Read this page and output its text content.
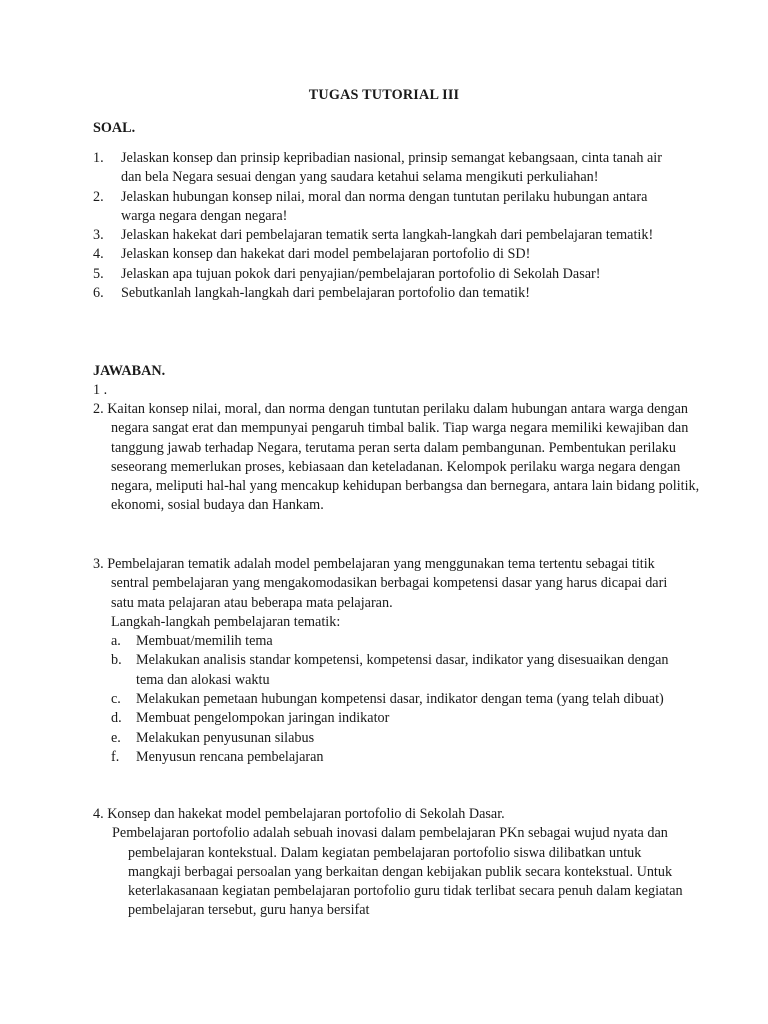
TUGAS TUTORIAL III
SOAL.
1. Jelaskan konsep dan prinsip kepribadian nasional, prinsip semangat kebangsaan, cinta tanah air dan bela Negara sesuai dengan yang saudara ketahui selama mengikuti perkuliahan!
2. Jelaskan hubungan konsep nilai, moral dan norma dengan tuntutan perilaku hubungan antara warga negara dengan negara!
3. Jelaskan hakekat dari pembelajaran tematik serta langkah-langkah dari pembelajaran tematik!
4. Jelaskan konsep dan hakekat dari model pembelajaran portofolio di SD!
5. Jelaskan apa tujuan pokok dari penyajian/pembelajaran portofolio di Sekolah Dasar!
6. Sebutkanlah langkah-langkah dari pembelajaran portofolio dan tematik!
JAWABAN.
1 .
2. Kaitan konsep nilai, moral, dan norma dengan tuntutan perilaku dalam hubungan antara warga dengan negara sangat erat dan mempunyai pengaruh timbal balik. Tiap warga negara memiliki kewajiban dan tanggung jawab terhadap Negara, terutama peran serta dalam pembangunan. Pembentukan perilaku seseorang memerlukan proses, kebiasaan dan keteladanan. Kelompok perilaku warga negara dengan negara, meliputi hal-hal yang mencakup kehidupan berbangsa dan bernegara, antara lain bidang politik, ekonomi, sosial budaya dan Hankam.
3. Pembelajaran tematik adalah model pembelajaran yang menggunakan tema tertentu sebagai titik sentral pembelajaran yang mengakomodasikan berbagai kompetensi dasar yang harus dicapai dari satu mata pelajaran atau beberapa mata pelajaran.
Langkah-langkah pembelajaran tematik:
a. Membuat/memilih tema
b. Melakukan analisis standar kompetensi, kompetensi dasar, indikator yang disesuaikan dengan tema dan alokasi waktu
c. Melakukan pemetaan hubungan kompetensi dasar, indikator dengan tema (yang telah dibuat)
d. Membuat pengelompokan jaringan indikator
e. Melakukan penyusunan silabus
f. Menyusun rencana pembelajaran
4. Konsep dan hakekat model pembelajaran portofolio di Sekolah Dasar.
Pembelajaran portofolio adalah sebuah inovasi dalam pembelajaran PKn sebagai wujud nyata dan pembelajaran kontekstual. Dalam kegiatan pembelajaran portofolio siswa dilibatkan untuk mangkaji berbagai persoalan yang berkaitan dengan kebijakan publik secara kontekstual. Untuk keterlakasanaan kegiatan pembelajaran portofolio guru tidak terlibat secara penuh dalam kegiatan pembelajaran tersebut, guru hanya bersifat
